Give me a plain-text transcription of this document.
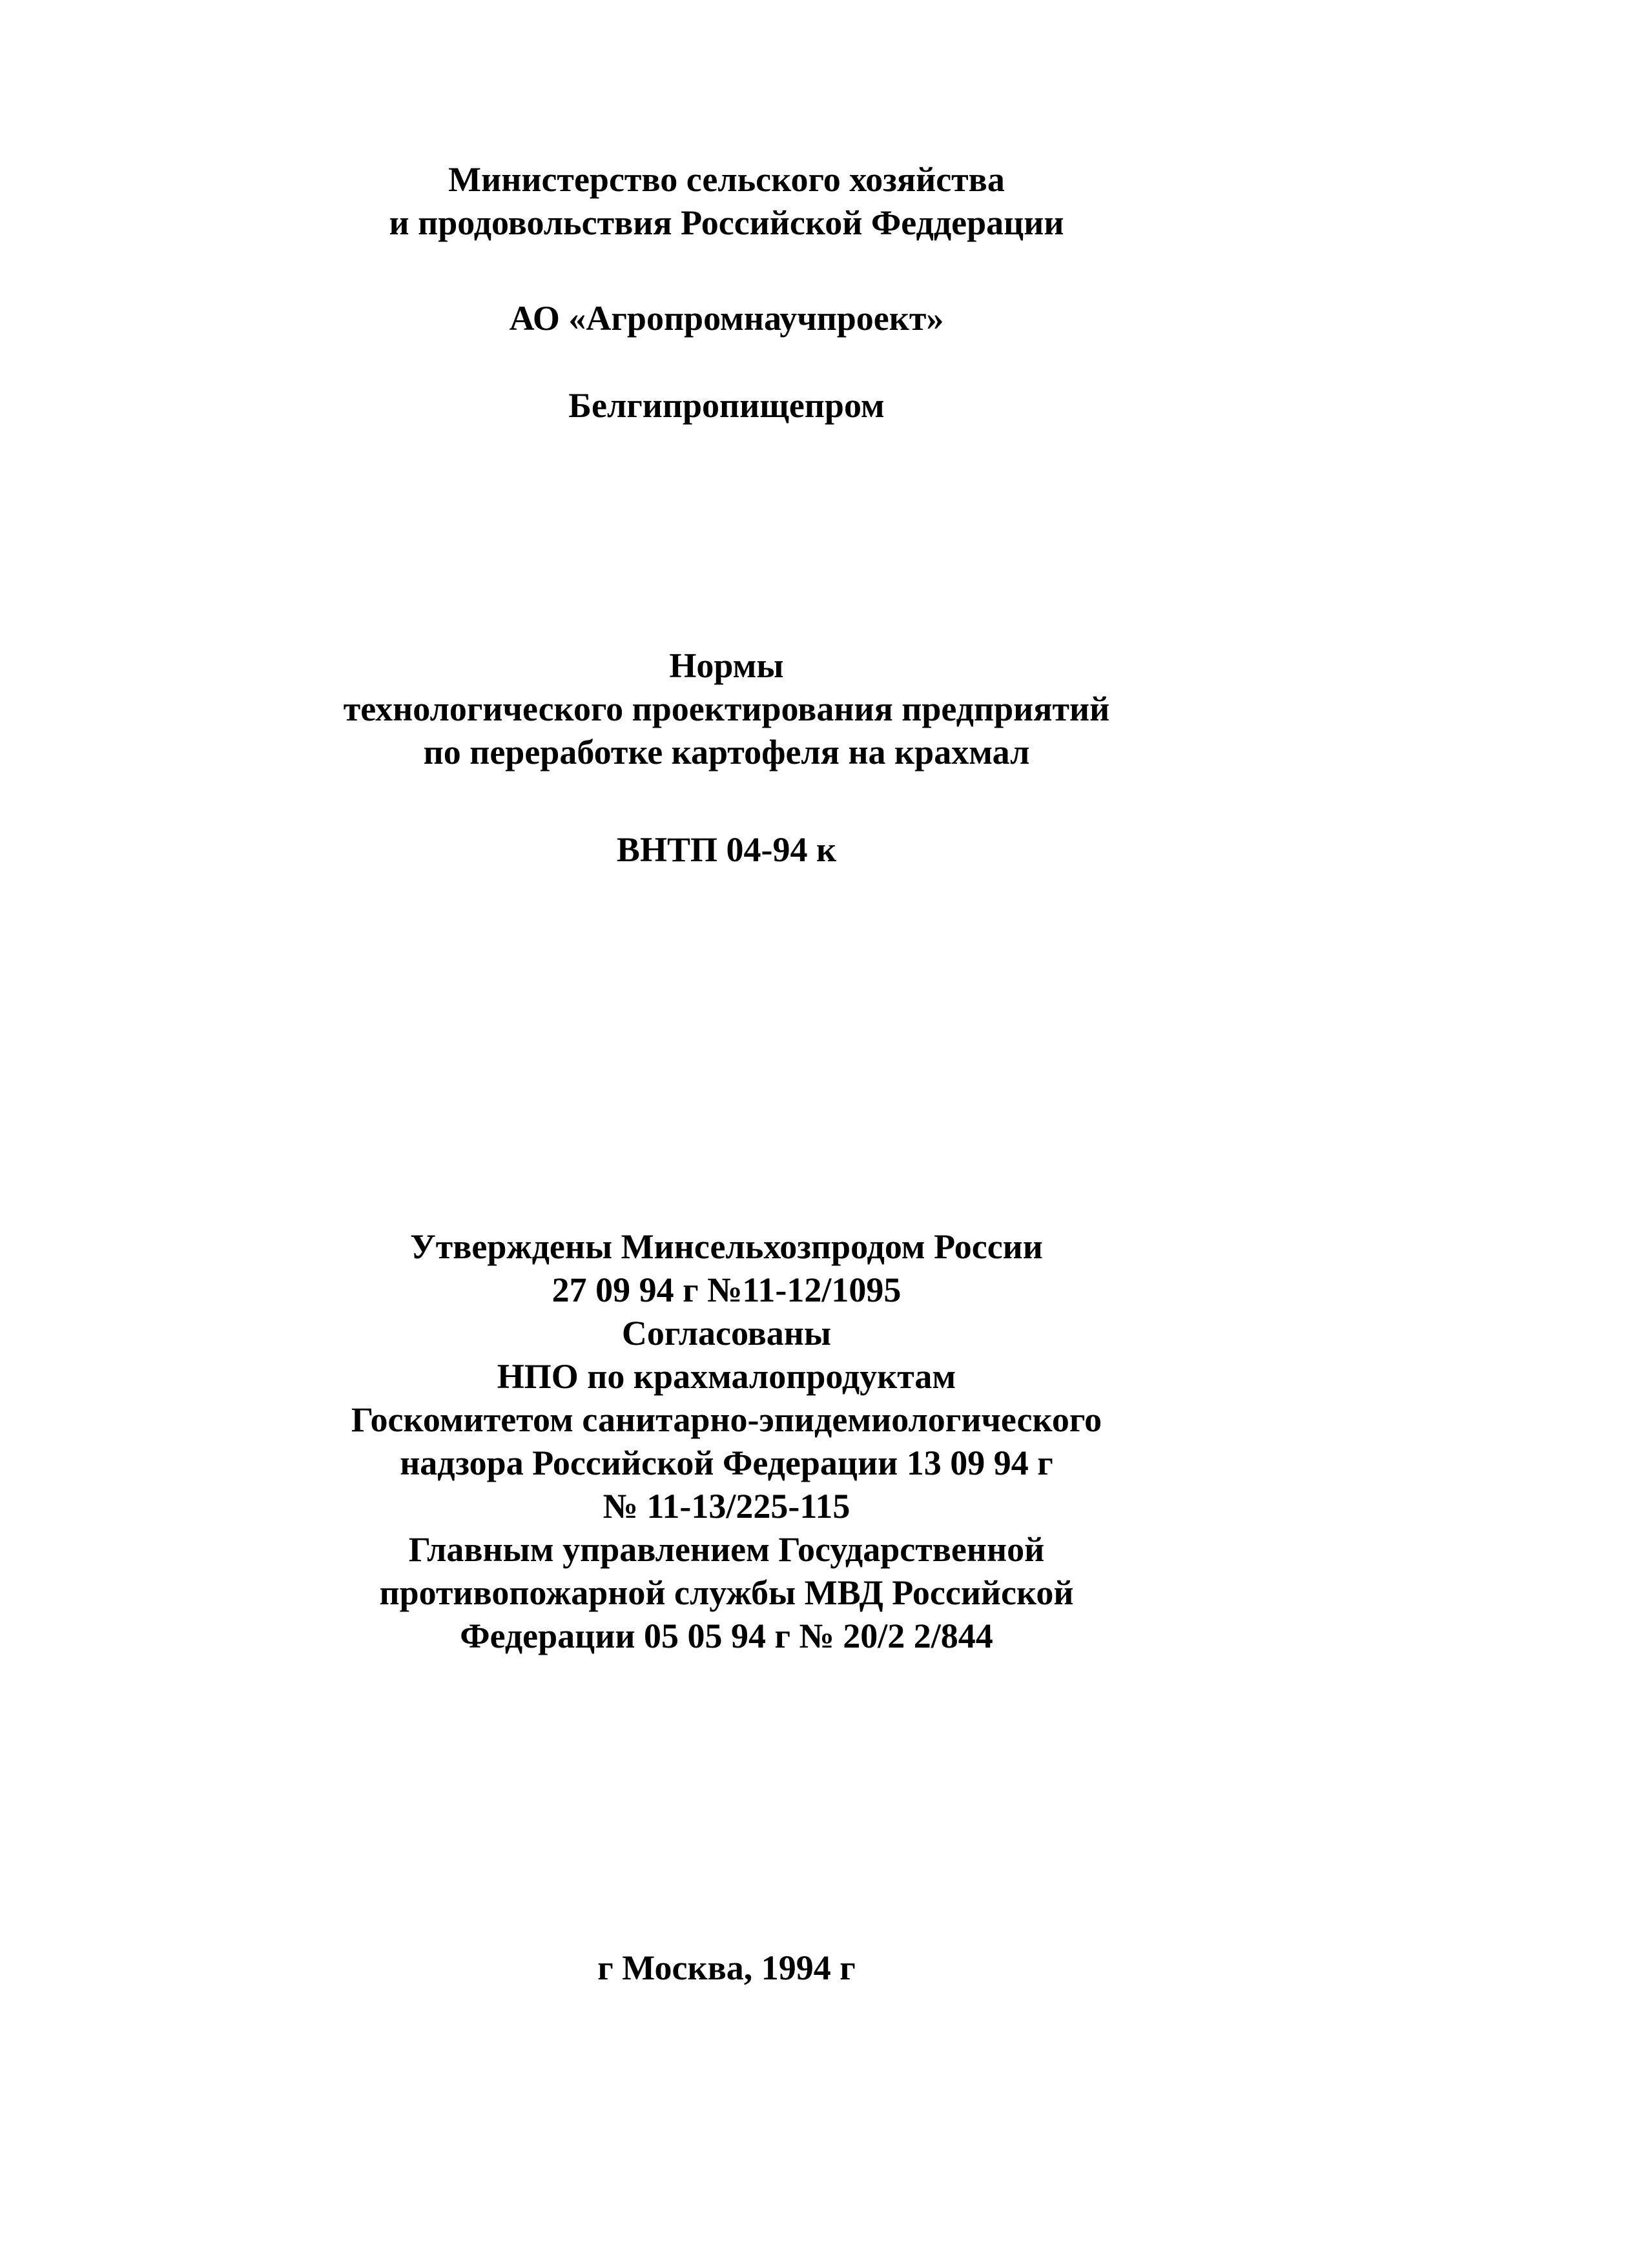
Министерство сельского хозяйства
и продовольствия Российской Феддерации
АО «Агропромнаучпроект»
Белгипропищепром
Нормы
технологического проектирования предприятий
по переработке картофеля на крахмал
ВНТП 04-94 к
Утверждены Минсельхозпродом России
27 09 94 г №11-12/1095
Согласованы
НПО по крахмалопродуктам
Госкомитетом санитарно-эпидемиологического
надзора Российской Федерации 13 09 94 г
№ 11-13/225-115
Главным управлением Государственной
противопожарной службы МВД Российской
Федерации 05 05 94 г № 20/2 2/844
г Москва, 1994 г
